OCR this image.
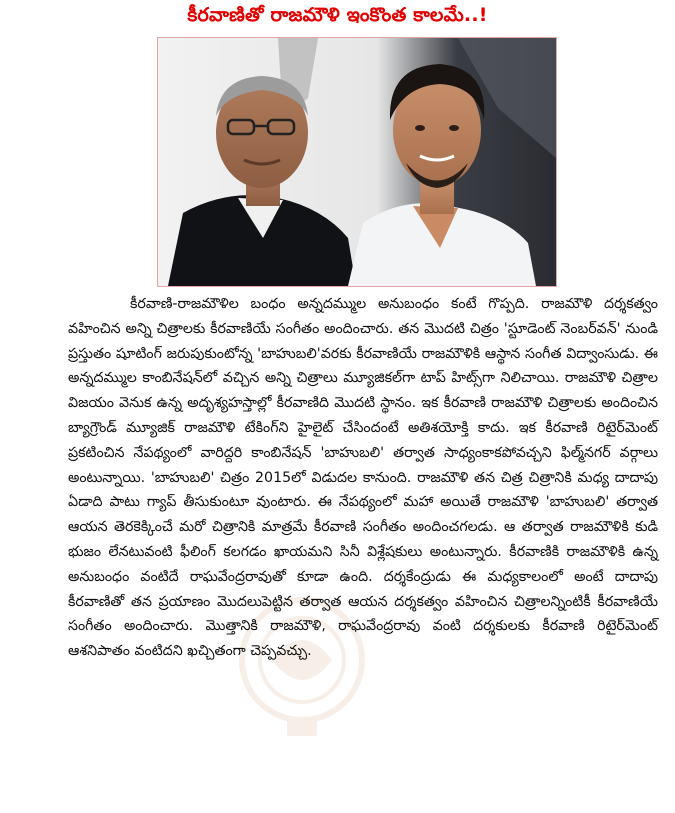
కీరవాణితో రాజమౌళి ఇంకొంత కాలమే..!
కీరవాణి-రాజమౌళిల బంధం అన్నదమ్ముల అనుబంధం కంటే గొప్పది. రాజమౌళి దర్శకత్వం వహించిన అన్ని చిత్రాలకు కీరవాణియే సంగీతం అందించారు. తన మొదటి చిత్రం 'స్టూడెంట్ నెంబర్‌వన్' నుండి ప్రస్తుతం షూటింగ్ జరుపుకుంటోన్న 'బాహుబలి'వరకు కీరవాణియే రాజమౌళికి ఆస్థాన సంగీత విద్వాంసుడు. ఈ అన్నదమ్ముల కాంబినేషన్‌లో వచ్చిన అన్ని చిత్రాలు మ్యూజికల్‌గా టాప్ హిట్స్‌గా నిలిచాయి. రాజమౌళి చిత్రాల విజయం వెనుక ఉన్న అదృశ్యహస్తాల్లో కీరవాణిది మొదటి స్థానం. ఇక కీరవాణి రాజమౌళి చిత్రాలకు అందించిన బ్యాగ్రౌండ్ మ్యూజిక్ రాజమౌళి టేకింగ్‌ని హైలైట్ చేసిందంటే అతిశయోక్తి కాదు. ఇక కీరవాణి రిటైర్‌మెంట్ ప్రకటించిన నేపథ్యంలో వారిద్దరి కాంబినేషన్ 'బాహుబలి' తర్వాత సాధ్యంకాకపోవచ్చని ఫిల్మ్‌నగర్ వర్గాలు అంటున్నాయి. 'బాహుబలి' చిత్రం 2015లో విడుదల కానుంది. రాజమౌళి తన చిత్ర చిత్రానికి మధ్య దాదాపు ఏడాది పాటు గ్యాప్ తీసుకుంటూ వుంటారు. ఈ నేపథ్యంలో మహా అయితే రాజమౌళి 'బాహుబలి' తర్వాత ఆయన తెరకెక్కించే మరో చిత్రానికి మాత్రమే కీరవాణి సంగీతం అందించగలడు. ఆ తర్వాత రాజమౌళికి కుడి భుజం లేనటువంటి ఫీలింగ్ కలగడం ఖాయమని సినీ విశ్లేషకులు అంటున్నారు. కీరవాణికి రాజమౌళికి ఉన్న అనుబంధం వంటిదే రాఘవేంద్రరావుతో కూడా ఉంది. దర్శకేంద్రుడు ఈ మధ్యకాలంలో అంటే దాదాపు కీరవాణితో తన ప్రయాణం మొదలుపెట్టిన తర్వాత ఆయన దర్శకత్వం వహించిన చిత్రాలన్నింటికీ కీరవాణియే సంగీతం అందించారు. మొత్తానికి రాజమౌళి, రాఘవేంద్రరావు వంటి దర్శకులకు కీరవాణి రిటైర్‌మెంట్ ఆశనిపాతం వంటిదని ఖచ్చితంగా చెప్పవచ్చు.
